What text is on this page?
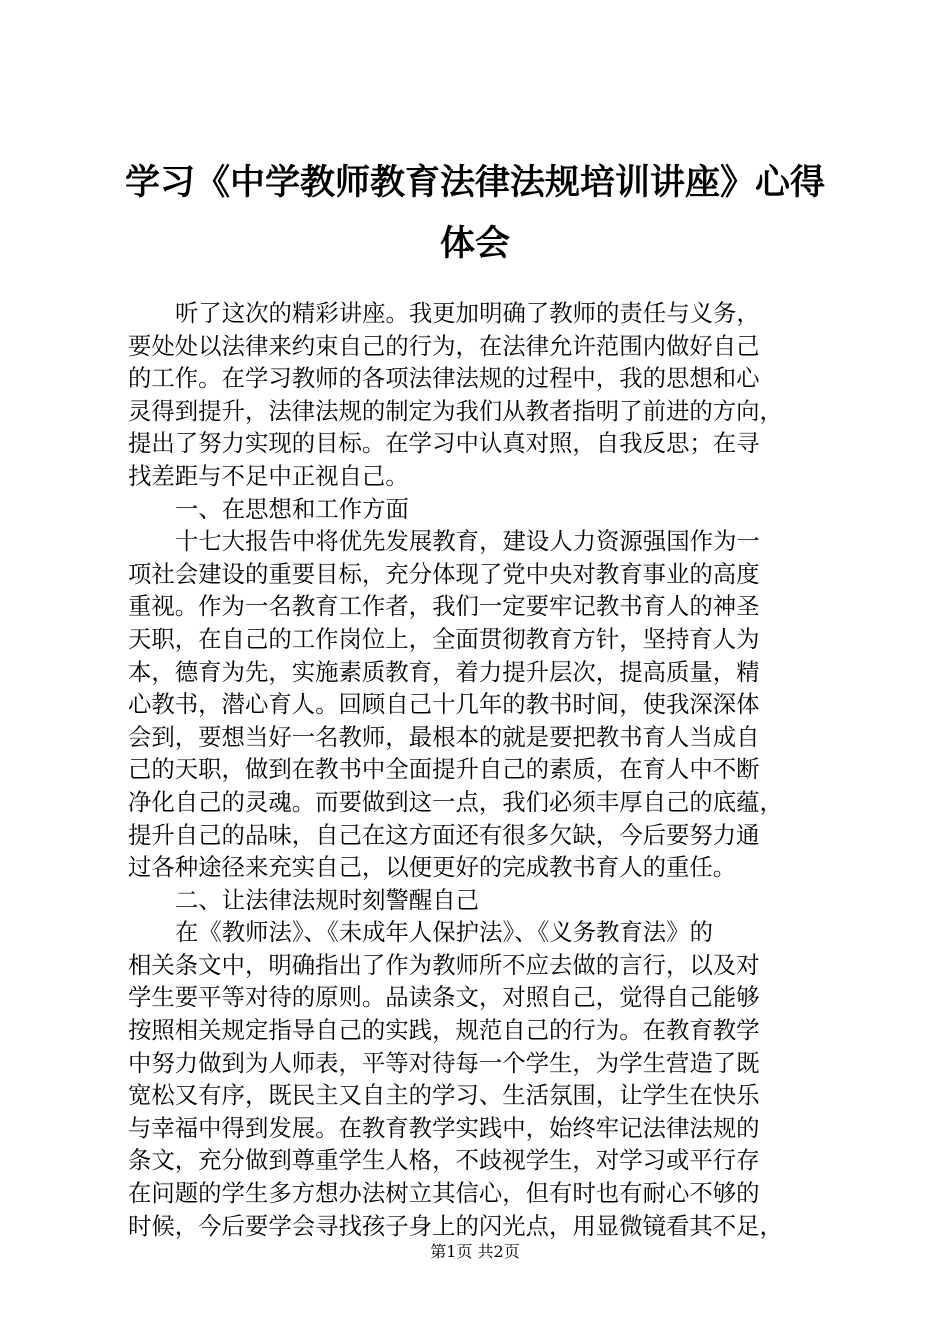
学习《中学教师教育法律法规培训讲座》心得
体会
听了这次的精彩讲座。我更加明确了教师的责任与义务，
要处处以法律来约束自己的行为，在法律允许范围内做好自己
的工作。在学习教师的各项法律法规的过程中，我的思想和心
灵得到提升，法律法规的制定为我们从教者指明了前进的方向，
提出了努力实现的目标。在学习中认真对照，自我反思；在寻
找差距与不足中正视自己。
一、在思想和工作方面
十七大报告中将优先发展教育，建设人力资源强国作为一
项社会建设的重要目标，充分体现了党中央对教育事业的高度
重视。作为一名教育工作者，我们一定要牢记教书育人的神圣
天职，在自己的工作岗位上，全面贯彻教育方针，坚持育人为
本，德育为先，实施素质教育，着力提升层次，提高质量，精
心教书，潜心育人。回顾自己十几年的教书时间，使我深深体
会到，要想当好一名教师，最根本的就是要把教书育人当成自
己的天职，做到在教书中全面提升自己的素质，在育人中不断
净化自己的灵魂。而要做到这一点，我们必须丰厚自己的底蕴，
提升自己的品味，自己在这方面还有很多欠缺，今后要努力通
过各种途径来充实自己，以便更好的完成教书育人的重任。
二、让法律法规时刻警醒自己
在《教师法》、《未成年人保护法》、《义务教育法》的
相关条文中，明确指出了作为教师所不应去做的言行，以及对
学生要平等对待的原则。品读条文，对照自己，觉得自己能够
按照相关规定指导自己的实践，规范自己的行为。在教育教学
中努力做到为人师表，平等对待每一个学生，为学生营造了既
宽松又有序，既民主又自主的学习、生活氛围，让学生在快乐
与幸福中得到发展。在教育教学实践中，始终牢记法律法规的
条文，充分做到尊重学生人格，不歧视学生，对学习或平行存
在问题的学生多方想办法树立其信心，但有时也有耐心不够的
时候，今后要学会寻找孩子身上的闪光点，用显微镜看其不足，
第1页 共2页
